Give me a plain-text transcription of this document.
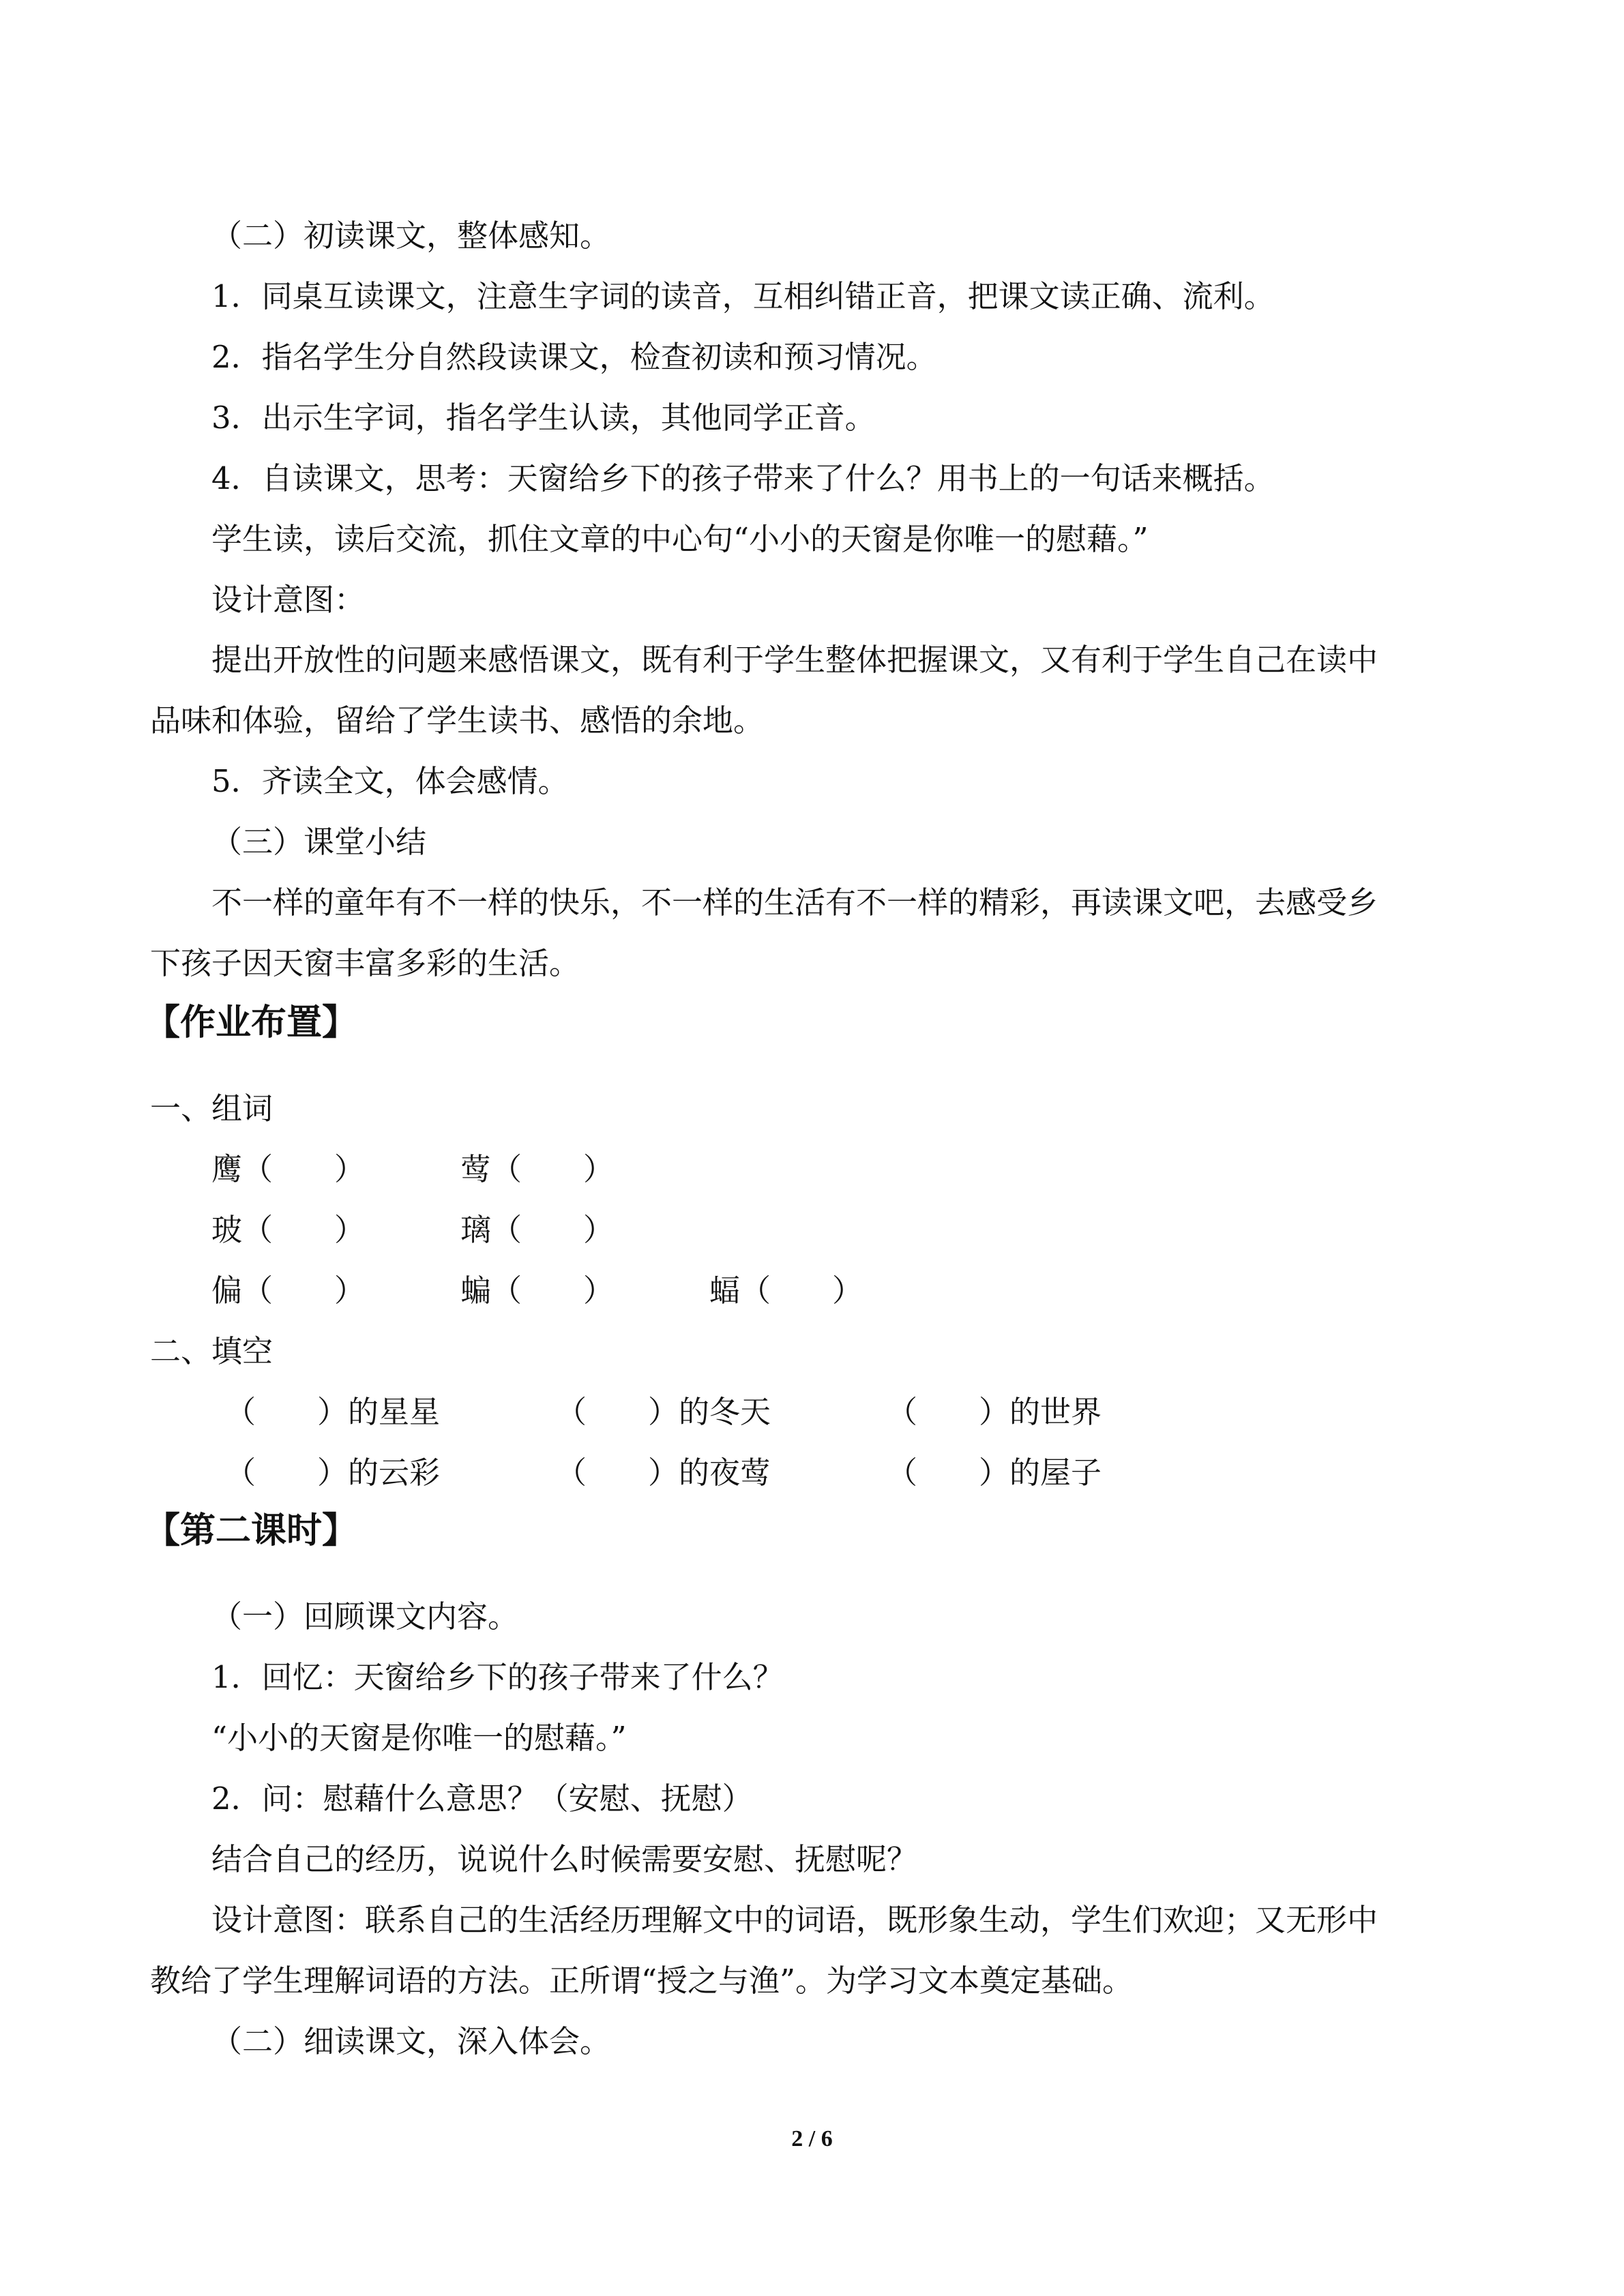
（二）初读课文，整体感知。
1．同桌互读课文，注意生字词的读音，互相纠错正音，把课文读正确、流利。
2．指名学生分自然段读课文，检查初读和预习情况。
3．出示生字词，指名学生认读，其他同学正音。
4．自读课文，思考：天窗给乡下的孩子带来了什么？用书上的一句话来概括。
学生读，读后交流，抓住文章的中心句“小小的天窗是你唯一的慰藉。”
设计意图：
提出开放性的问题来感悟课文，既有利于学生整体把握课文，又有利于学生自己在读中
品味和体验，留给了学生读书、感悟的余地。
5．齐读全文，体会感情。
（三）课堂小结
不一样的童年有不一样的快乐，不一样的生活有不一样的精彩，再读课文吧，去感受乡
下孩子因天窗丰富多彩的生活。
【作业布置】
一、组词
鹰（　　）	莺（　　）
玻（　　）	璃（　　）
偏（　　）	蝙（　　）	蝠（　　）
二、填空
（　　）的星星	（　　）的冬天	（　　）的世界
（　　）的云彩	（　　）的夜莺	（　　）的屋子
【第二课时】
（一）回顾课文内容。
1．回忆：天窗给乡下的孩子带来了什么？
“小小的天窗是你唯一的慰藉。”
2．问：慰藉什么意思？（安慰、抚慰）
结合自己的经历，说说什么时候需要安慰、抚慰呢？
设计意图：联系自己的生活经历理解文中的词语，既形象生动，学生们欢迎；又无形中
教给了学生理解词语的方法。正所谓“授之与渔”。为学习文本奠定基础。
（二）细读课文，深入体会。
2 / 6
